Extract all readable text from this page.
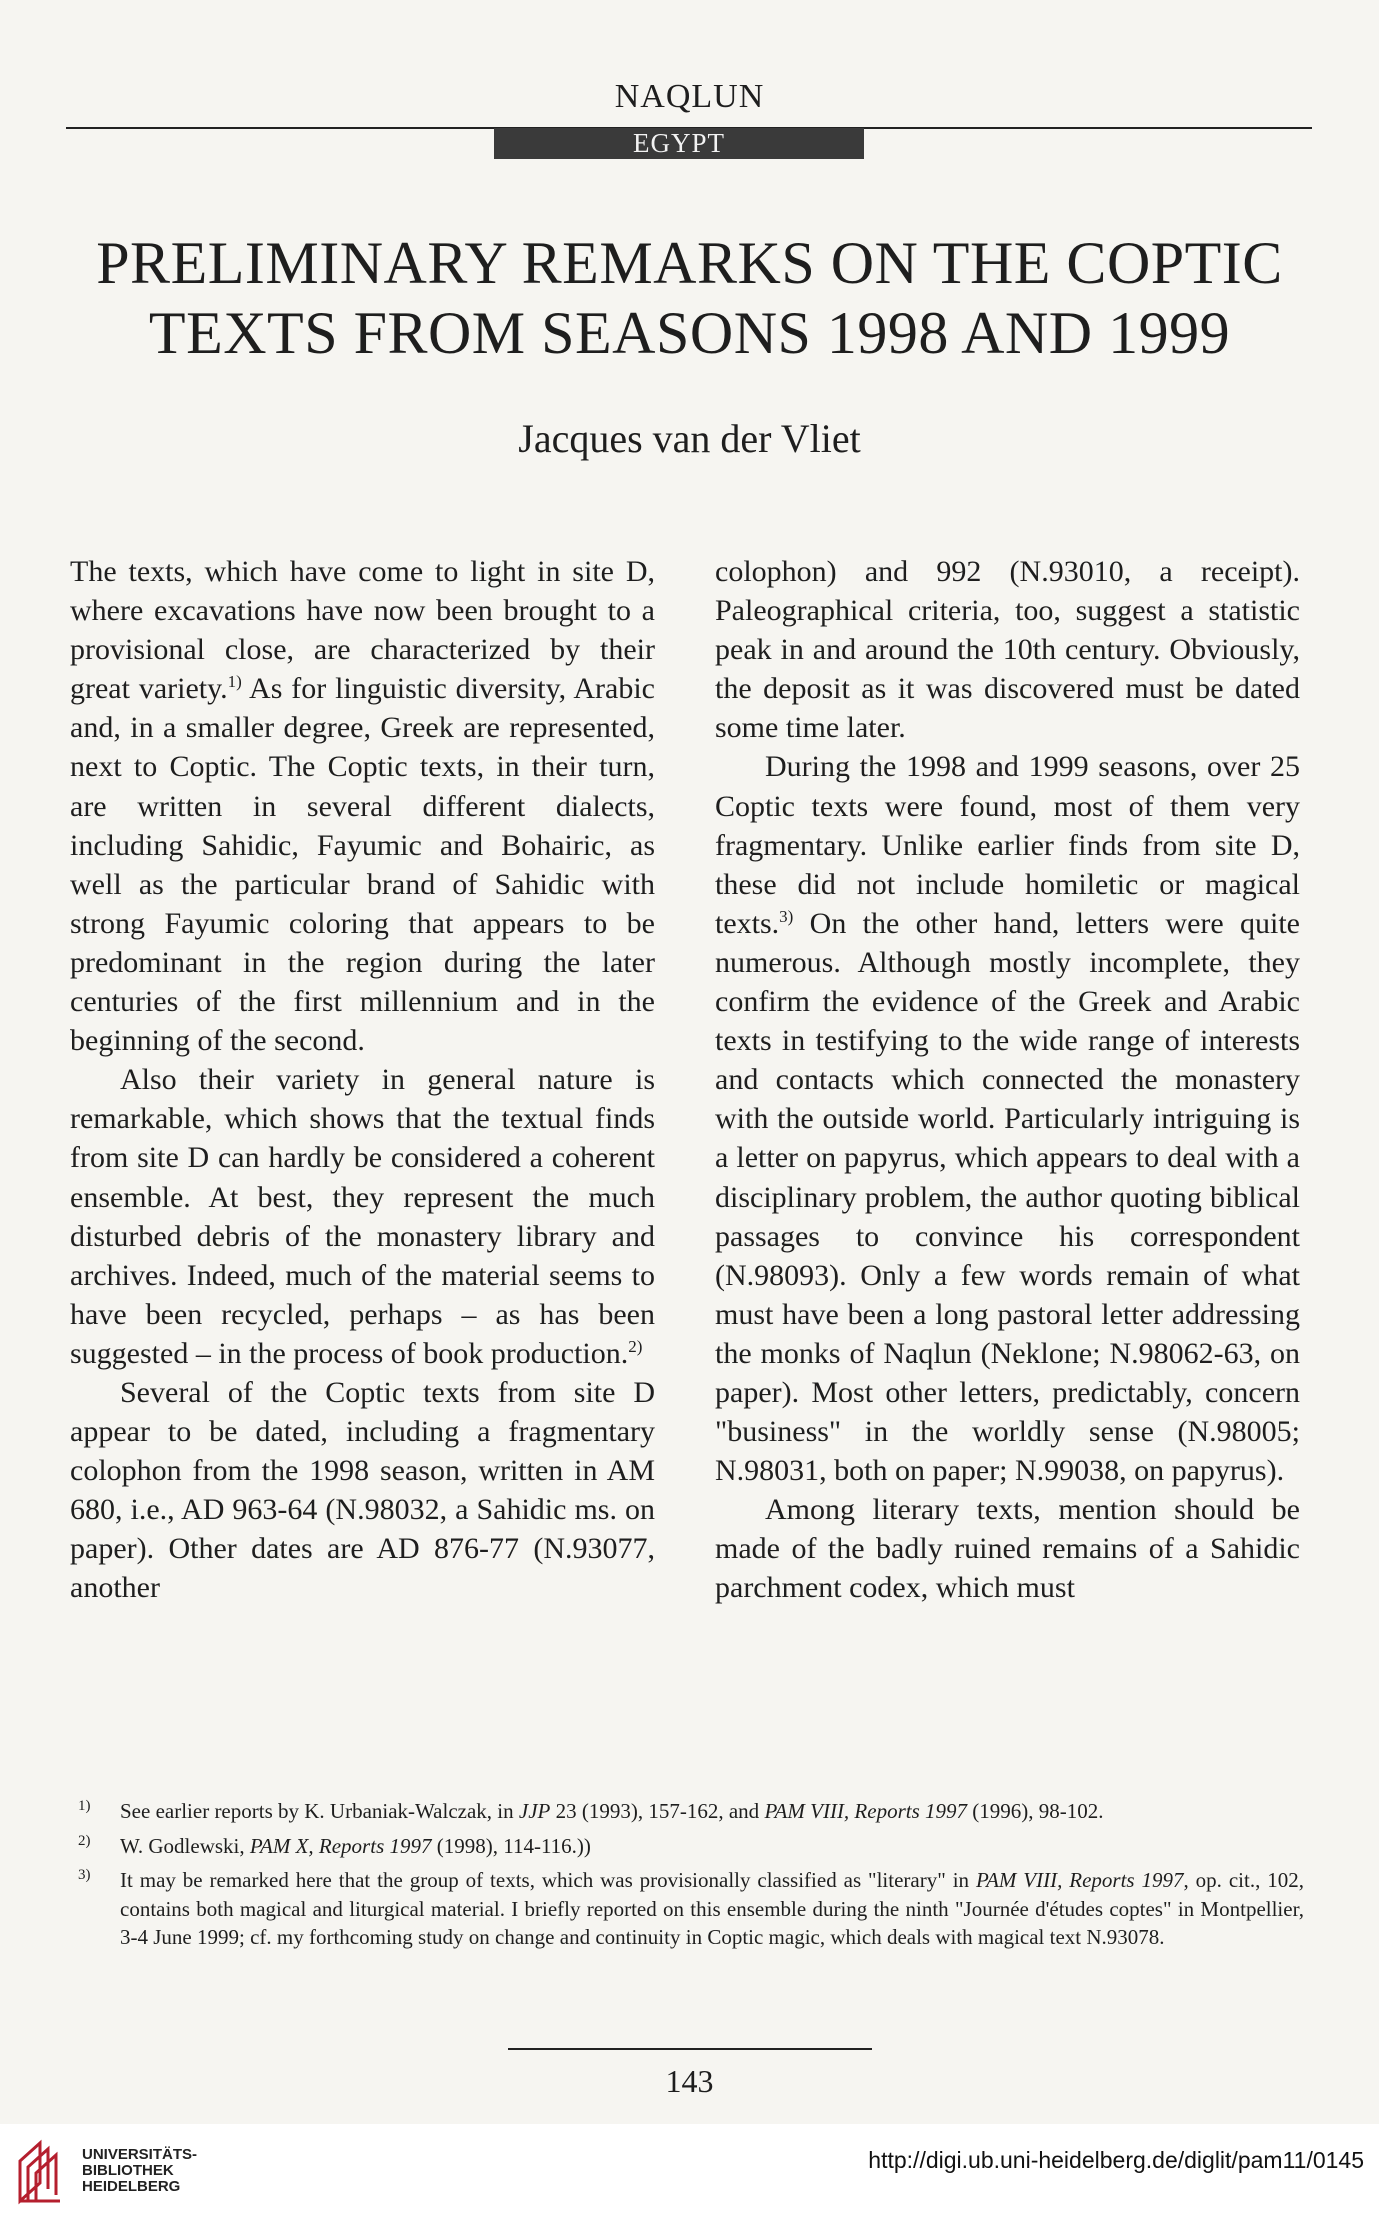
NAQLUN
EGYPT
PRELIMINARY REMARKS ON THE COPTIC
TEXTS FROM SEASONS 1998 AND 1999
Jacques van der Vliet

The texts, which have come to light in site D, where excavations have now been brought to a provisional close, are characterized by their great variety.$^{1)}$ As for linguistic diversity, Arabic and, in a smaller degree, Greek are represented, next to Coptic. The Coptic texts, in their turn, are written in several different dialects, including Sahidic, Fayumic and Bohairic, as well as the particular brand of Sahidic with strong Fayumic coloring that appears to be predominant in the region during the later centuries of the first millennium and in the beginning of the second.

Also their variety in general nature is remarkable, which shows that the textual finds from site D can hardly be considered a coherent ensemble. At best, they represent the much disturbed debris of the monastery library and archives. Indeed, much of the material seems to have been recycled, perhaps – as has been suggested – in the process of book production.$^{2)}$

Several of the Coptic texts from site D appear to be dated, including a fragmentary colophon from the 1998 season, written in AM 680, i.e., AD 963-64 (N.98032, a Sahidic ms. on paper). Other dates are AD 876-77 (N.93077, another

colophon) and 992 (N.93010, a receipt). Paleographical criteria, too, suggest a statistic peak in and around the 10th century. Obviously, the deposit as it was discovered must be dated some time later.

During the 1998 and 1999 seasons, over 25 Coptic texts were found, most of them very fragmentary. Unlike earlier finds from site D, these did not include homiletic or magical texts.$^{3)}$ On the other hand, letters were quite numerous. Although mostly incomplete, they confirm the evidence of the Greek and Arabic texts in testifying to the wide range of interests and contacts which connected the monastery with the outside world. Particularly intriguing is a letter on papyrus, which appears to deal with a disciplinary problem, the author quoting biblical passages to convince his correspondent (N.98093). Only a few words remain of what must have been a long pastoral letter addressing the monks of Naqlun (Neklone; N.98062-63, on paper). Most other letters, predictably, concern "business" in the worldly sense (N.98005; N.98031, both on paper; N.99038, on papyrus).

Among literary texts, mention should be made of the badly ruined remains of a Sahidic parchment codex, which must

1) See earlier reports by K. Urbaniak-Walczak, in JJP 23 (1993), 157-162, and PAM VIII, Reports 1997 (1996), 98-102.

2) W. Godlewski, PAM X, Reports 1997 (1998), 114-116.))

3) It may be remarked here that the group of texts, which was provisionally classified as "literary" in PAM VIII, Reports 1997, op. cit., 102, contains both magical and liturgical material. I briefly reported on this ensemble during the ninth "Journée d'études coptes" in Montpellier, 3-4 June 1999; cf. my forthcoming study on change and continuity in Coptic magic, which deals with magical text N.93078.

143
UNIVERSITÄTS-
BIBLIOTHEK
HEIDELBERG
http://digi.ub.uni-heidelberg.de/diglit/pam11/0145
